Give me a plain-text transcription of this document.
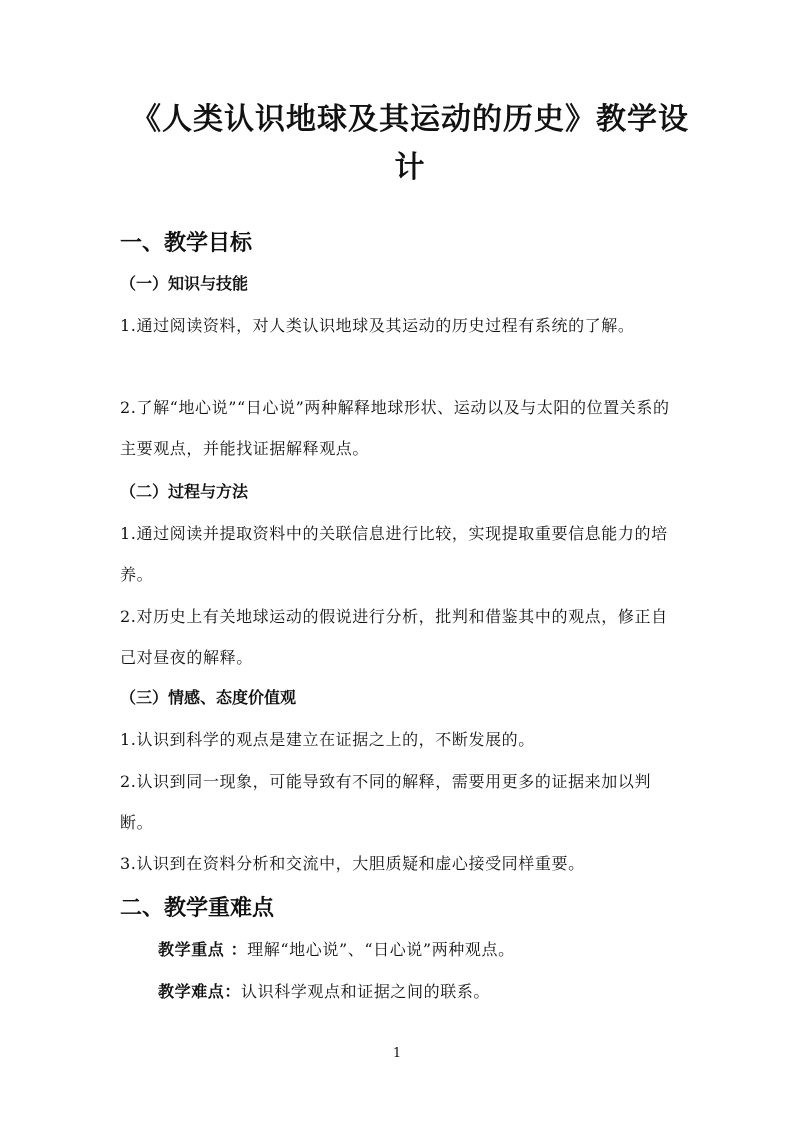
《人类认识地球及其运动的历史》教学设计
一、教学目标
（一）知识与技能
1.通过阅读资料，对人类认识地球及其运动的历史过程有系统的了解。
2.了解“地心说”“日心说”两种解释地球形状、运动以及与太阳的位置关系的主要观点，并能找证据解释观点。
（二）过程与方法
1.通过阅读并提取资料中的关联信息进行比较，实现提取重要信息能力的培养。
2.对历史上有关地球运动的假说进行分析，批判和借鉴其中的观点，修正自己对昼夜的解释。
（三）情感、态度价值观
1.认识到科学的观点是建立在证据之上的，不断发展的。
2.认识到同一现象，可能导致有不同的解释，需要用更多的证据来加以判断。
3.认识到在资料分析和交流中，大胆质疑和虚心接受同样重要。
二、教学重难点
教学重点 ：理解“地心说”、“日心说”两种观点。
教学难点：认识科学观点和证据之间的联系。
1
